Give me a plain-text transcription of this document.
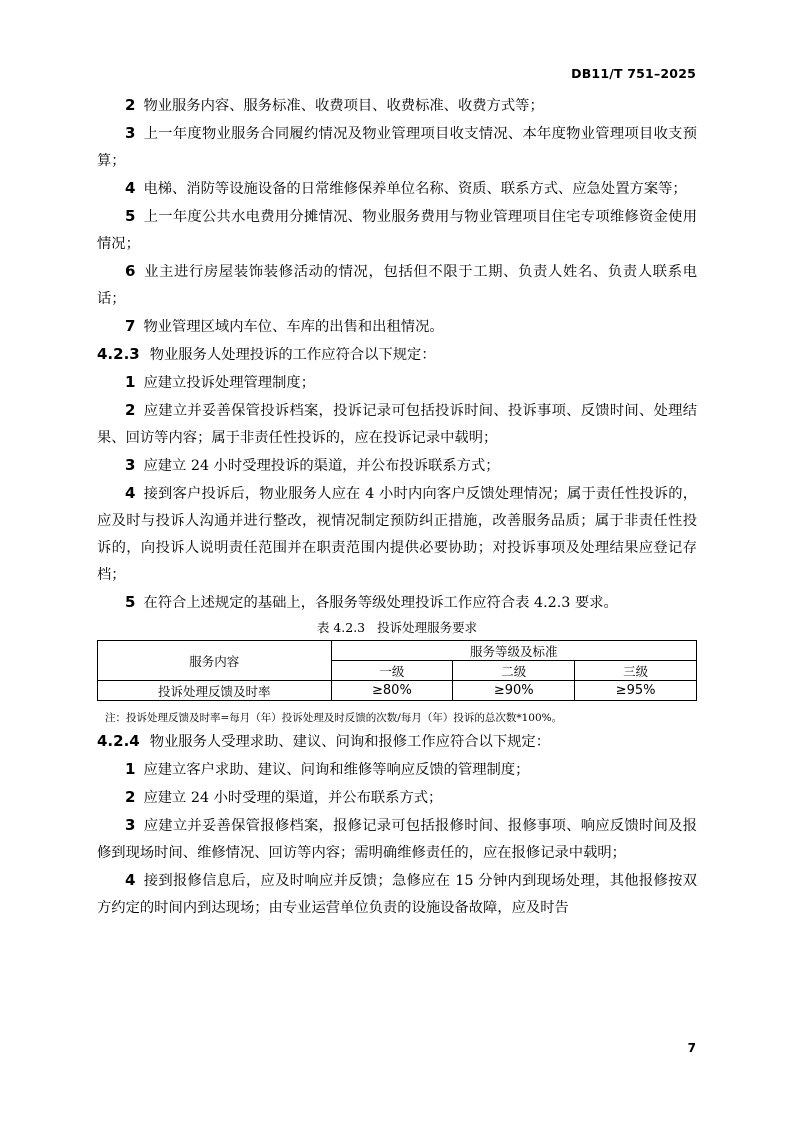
DB11/T 751–2025

2 物业服务内容、服务标准、收费项目、收费标准、收费方式等；

3 上一年度物业服务合同履约情况及物业管理项目收支情况、本年度物业管理项目收支预算；

4 电梯、消防等设施设备的日常维修保养单位名称、资质、联系方式、应急处置方案等；

5 上一年度公共水电费用分摊情况、物业服务费用与物业管理项目住宅专项维修资金使用情况；

6 业主进行房屋装饰装修活动的情况，包括但不限于工期、负责人姓名、负责人联系电话；

7 物业管理区域内车位、车库的出售和出租情况。

4.2.3 物业服务人处理投诉的工作应符合以下规定：

1 应建立投诉处理管理制度；

2 应建立并妥善保管投诉档案，投诉记录可包括投诉时间、投诉事项、反馈时间、处理结果、回访等内容；属于非责任性投诉的，应在投诉记录中载明；

3 应建立 24 小时受理投诉的渠道，并公布投诉联系方式；

4 接到客户投诉后，物业服务人应在 4 小时内向客户反馈处理情况；属于责任性投诉的，应及时与投诉人沟通并进行整改，视情况制定预防纠正措施，改善服务品质；属于非责任性投诉的，向投诉人说明责任范围并在职责范围内提供必要协助；对投诉事项及处理结果应登记存档；

5 在符合上述规定的基础上，各服务等级处理投诉工作应符合表 4.2.3 要求。

表 4.2.3 投诉处理服务要求
服务内容	服务等级及标准		
	一级	二级	三级
投诉处理反馈及时率	≥80%	≥90%	≥95%

注：投诉处理反馈及时率=每月（年）投诉处理及时反馈的次数/每月（年）投诉的总次数*100%。

4.2.4 物业服务人受理求助、建议、问询和报修工作应符合以下规定：

1 应建立客户求助、建议、问询和维修等响应反馈的管理制度；

2 应建立 24 小时受理的渠道，并公布联系方式；

3 应建立并妥善保管报修档案，报修记录可包括报修时间、报修事项、响应反馈时间及报修到现场时间、维修情况、回访等内容；需明确维修责任的，应在报修记录中载明；

4 接到报修信息后，应及时响应并反馈；急修应在 15 分钟内到现场处理，其他报修按双方约定的时间内到达现场；由专业运营单位负责的设施设备故障，应及时告

7
